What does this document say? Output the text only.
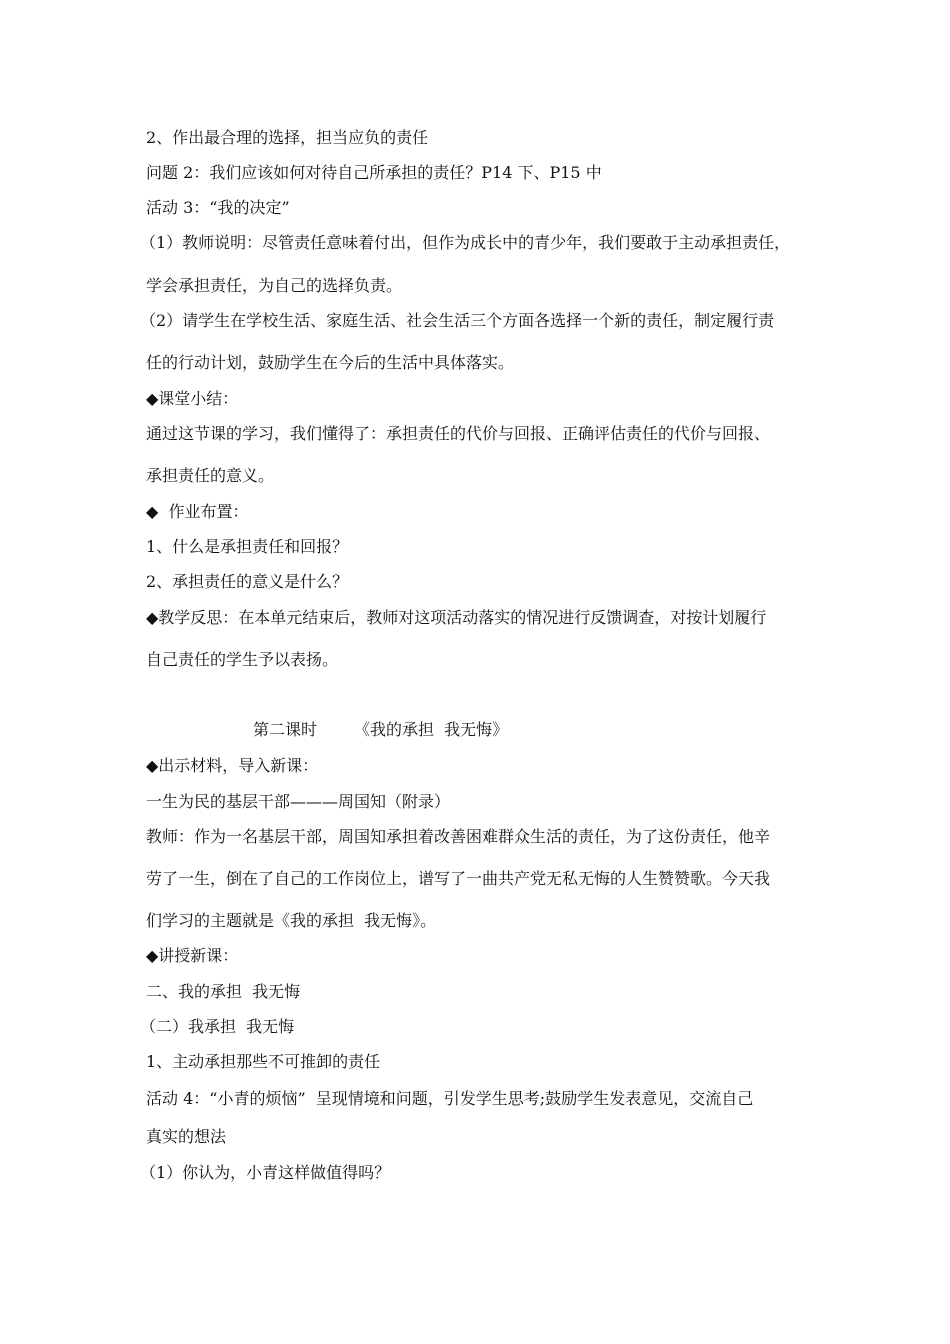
2、作出最合理的选择，担当应负的责任
问题 2：我们应该如何对待自己所承担的责任？P14 下、P15 中
活动 3：“我的决定”
（1）教师说明：尽管责任意味着付出，但作为成长中的青少年，我们要敢于主动承担责任，
学会承担责任，为自己的选择负责。
（2）请学生在学校生活、家庭生活、社会生活三个方面各选择一个新的责任，制定履行责
任的行动计划，鼓励学生在今后的生活中具体落实。
◆课堂小结：
通过这节课的学习，我们懂得了：承担责任的代价与回报、正确评估责任的代价与回报、
承担责任的意义。
◆  作业布置：
1、什么是承担责任和回报？
2、承担责任的意义是什么？
◆教学反思：在本单元结束后，教师对这项活动落实的情况进行反馈调查，对按计划履行
自己责任的学生予以表扬。
第二课时 《我的承担  我无悔》
◆出示材料，导入新课：
一生为民的基层干部———周国知（附录）
教师：作为一名基层干部，周国知承担着改善困难群众生活的责任，为了这份责任，他辛
劳了一生，倒在了自己的工作岗位上，谱写了一曲共产党无私无悔的人生赞赞歌。今天我
们学习的主题就是《我的承担  我无悔》。
◆讲授新课：
二、我的承担  我无悔
（二）我承担  我无悔
1、主动承担那些不可推卸的责任
活动 4：“小青的烦恼”  呈现情境和问题，引发学生思考;鼓励学生发表意见，交流自己
真实的想法
（1）你认为，小青这样做值得吗？
